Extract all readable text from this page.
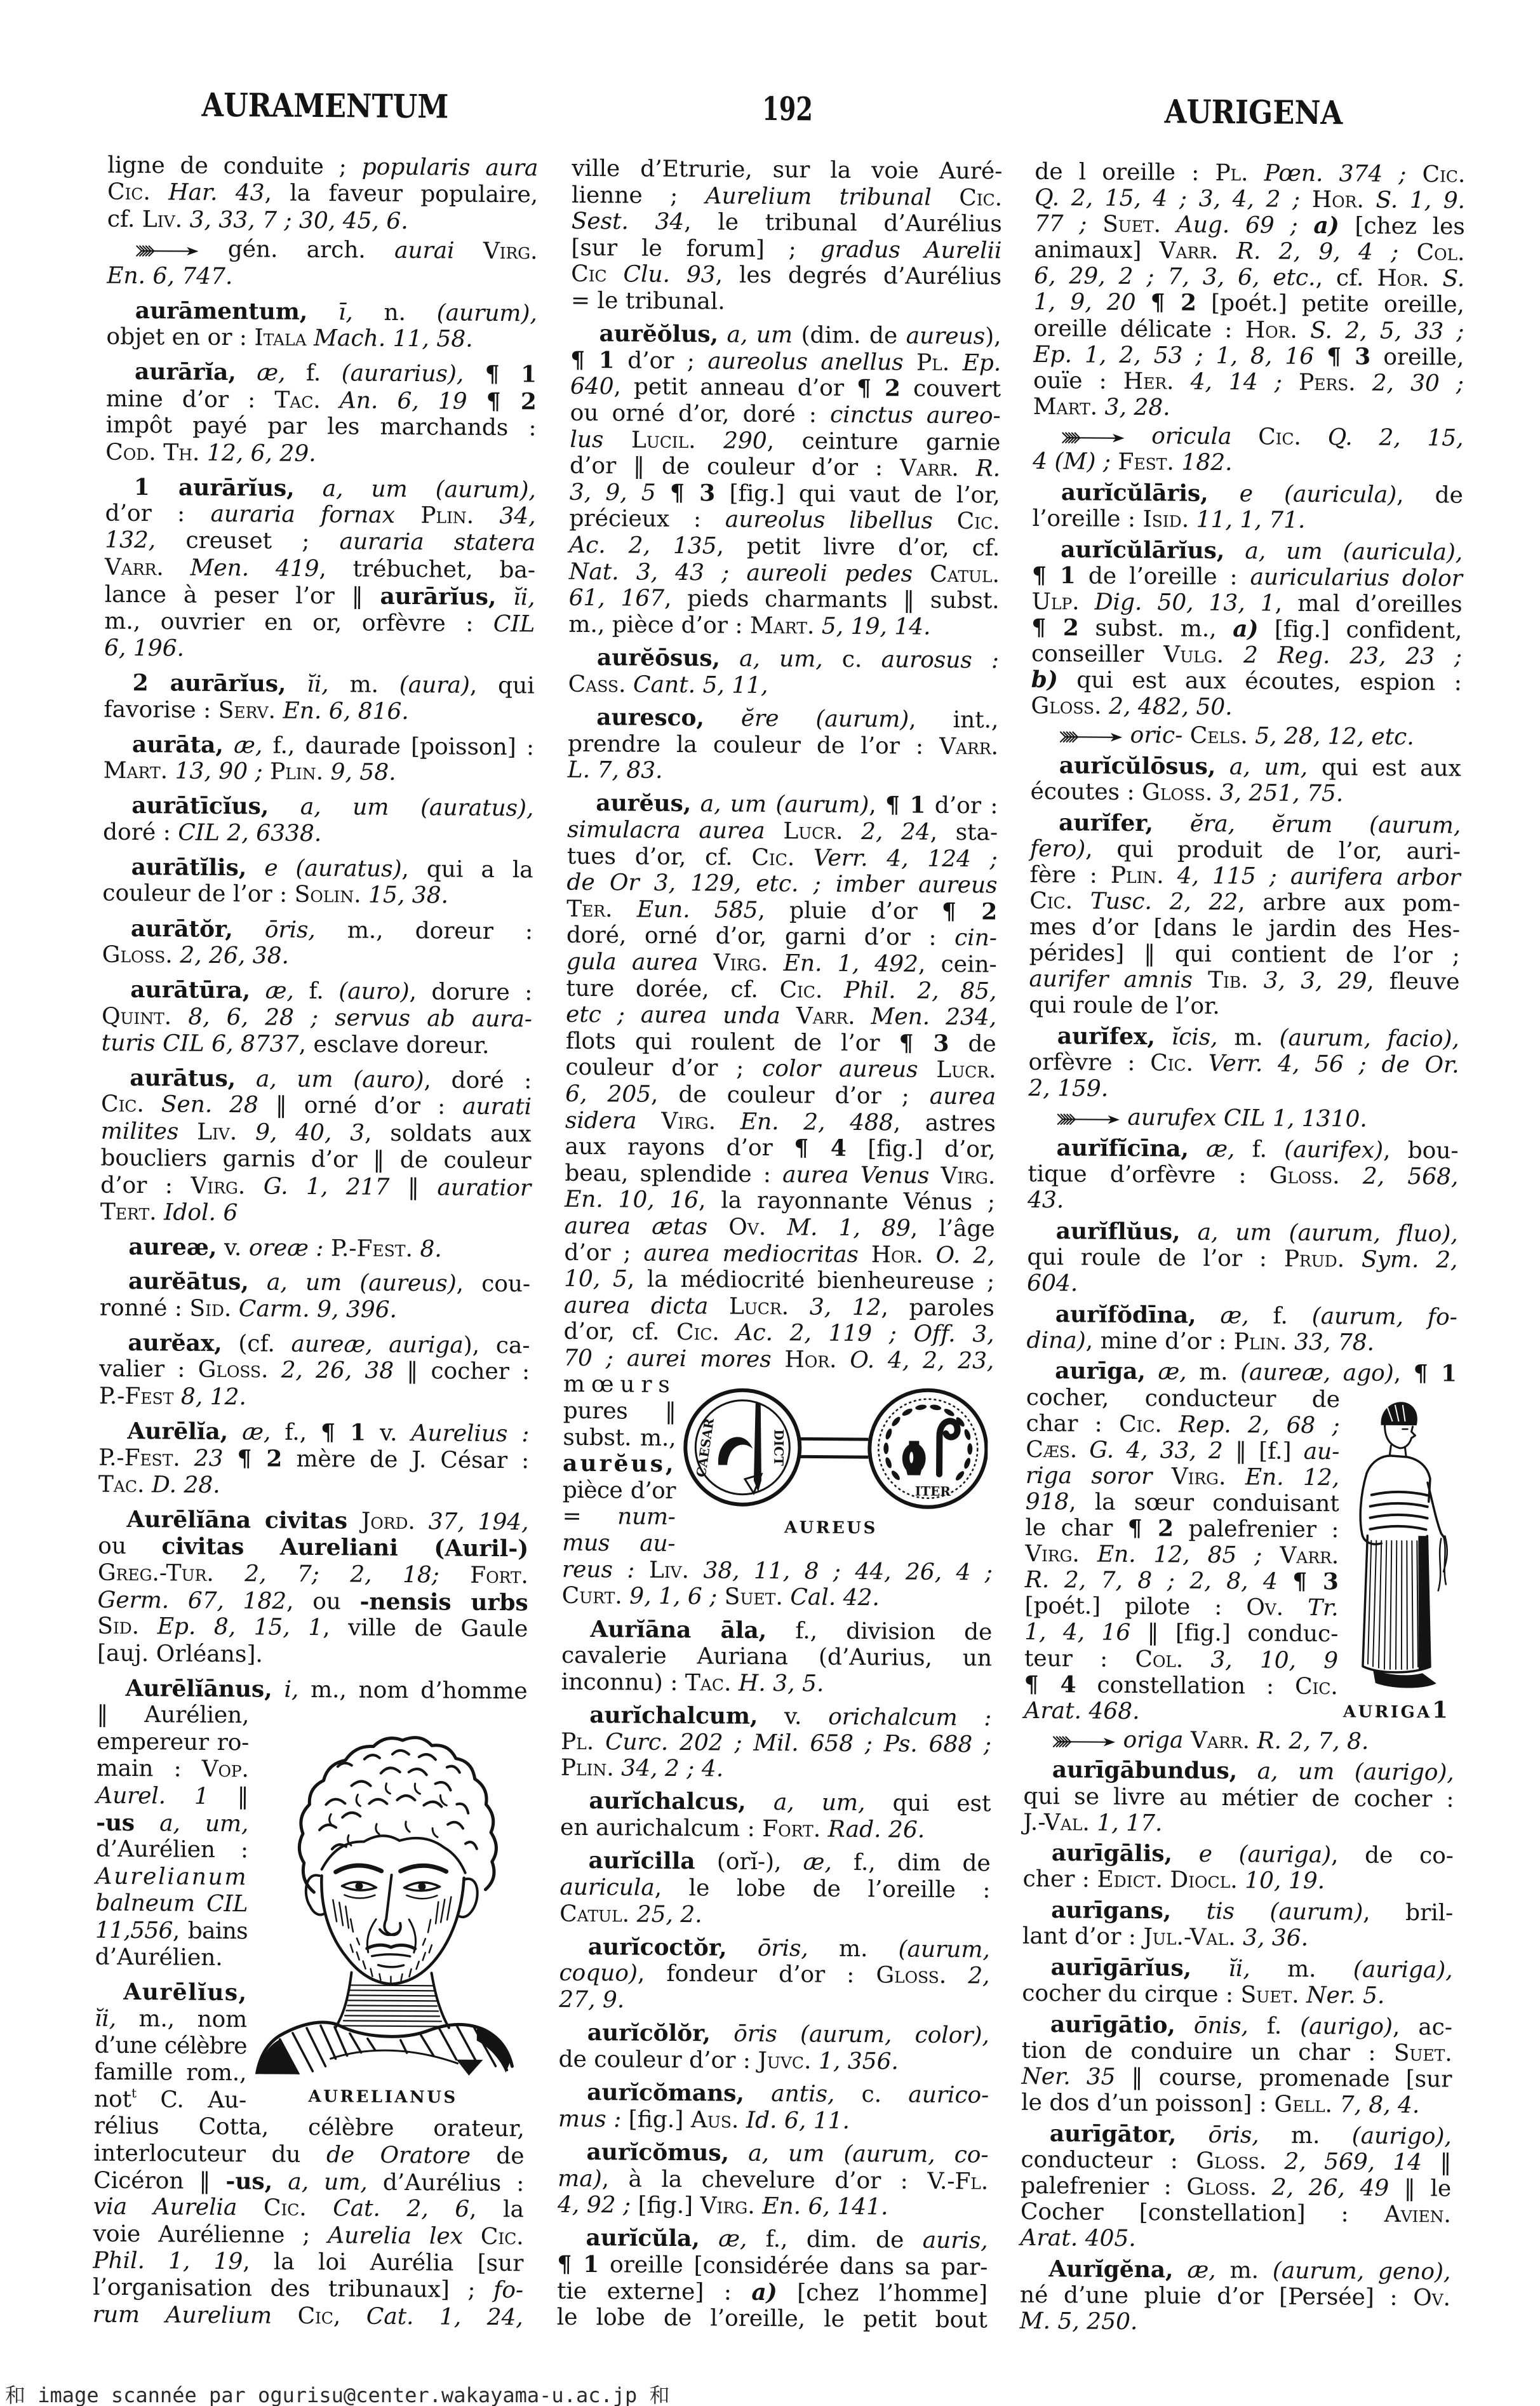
AURAMENTUM	192	AURIGENA
ligne de conduite ; popularis aura
Cic. Har. 43, la faveur populaire,
cf. Liv. 3, 33, 7 ; 30, 45, 6.
gén. arch. aurai Virg.
En. 6, 747.
aurāmentum, ī, n. (aurum),
objet en or : Itala Mach. 11, 58.
aurārĭa, æ, f. (aurarius), ¶ 1
mine d’or : Tac. An. 6, 19 ¶ 2
impôt payé par les marchands :
Cod. Th. 12, 6, 29.
1 aurārĭus, a, um (aurum),
d’or : auraria fornax Plin. 34,
132, creuset ; auraria statera
Varr. Men. 419, trébuchet, ba-
lance à peser l’or ‖ aurārĭus, ĭi,
m., ouvrier en or, orfèvre : CIL
6, 196.
2 aurārĭus, ĭi, m. (aura), qui
favorise : Serv. En. 6, 816.
aurāta, æ, f., daurade [poisson] :
Mart. 13, 90 ; Plin. 9, 58.
aurātīcĭus, a, um (auratus),
doré : CIL 2, 6338.
aurātĭlis, e (auratus), qui a la
couleur de l’or : Solin. 15, 38.
aurātŏr, ōris, m., doreur :
Gloss. 2, 26, 38.
aurātūra, æ, f. (auro), dorure :
Quint. 8, 6, 28 ; servus ab aura-
turis CIL 6, 8737, esclave doreur.
aurātus, a, um (auro), doré :
Cic. Sen. 28 ‖ orné d’or : aurati
milites Liv. 9, 40, 3, soldats aux
boucliers garnis d’or ‖ de couleur
d’or : Virg. G. 1, 217 ‖ auratior
Tert. Idol. 6
aureæ, v. oreæ : P.-Fest. 8.
aurĕātus, a, um (aureus), cou-
ronné : Sid. Carm. 9, 396.
aurĕax, (cf. aureæ, auriga), ca-
valier : Gloss. 2, 26, 38 ‖ cocher :
P.-Fest 8, 12.
Aurēlĭa, æ, f., ¶ 1 v. Aurelius :
P.-Fest. 23 ¶ 2 mère de J. César :
Tac. D. 28.
Aurēlĭāna civitas Jord. 37, 194,
ou civitas Aureliani (Auril-)
Greg.-Tur. 2, 7; 2, 18; Fort.
Germ. 67, 182, ou -nensis urbs
Sid. Ep. 8, 15, 1, ville de Gaule
[auj. Orléans].
Aurēlĭānus, i, m., nom d’homme
‖ Aurélien,
empereur ro-
main : Vop.
Aurel. 1 ‖
-us a, um,
d’Aurélien :
Aurelianum
balneum CIL
11,556, bains
d’Aurélien.
Aurēlĭus,
ĭi, m., nom
d’une célèbre
famille rom.,
not$^t$ C. Au-
rélius Cotta, célèbre orateur,
interlocuteur du de Oratore de
Cicéron ‖ -us, a, um, d’Aurélius :
via Aurelia Cic. Cat. 2, 6, la
voie Aurélienne ; Aurelia lex Cic.
Phil. 1, 19, la loi Aurélia [sur
l’organisation des tribunaux] ; fo-
rum Aurelium Cic, Cat. 1, 24,
AURELIANUS
ville d’Etrurie, sur la voie Auré-
lienne ; Aurelium tribunal Cic.
Sest. 34, le tribunal d’Aurélius
[sur le forum] ; gradus Aurelii
Cic Clu. 93, les degrés d’Aurélius
= le tribunal.
aurĕŏlus, a, um (dim. de aureus),
¶ 1 d’or ; aureolus anellus Pl. Ep.
640, petit anneau d’or ¶ 2 couvert
ou orné d’or, doré : cinctus aureo-
lus Lucil. 290, ceinture garnie
d’or ‖ de couleur d’or : Varr. R.
3, 9, 5 ¶ 3 [fig.] qui vaut de l’or,
précieux : aureolus libellus Cic.
Ac. 2, 135, petit livre d’or, cf.
Nat. 3, 43 ; aureoli pedes Catul.
61, 167, pieds charmants ‖ subst.
m., pièce d’or : Mart. 5, 19, 14.
aurĕōsus, a, um, c. aurosus :
Cass. Cant. 5, 11,
auresco, ĕre (aurum), int.,
prendre la couleur de l’or : Varr.
L. 7, 83.
aurĕus, a, um (aurum), ¶ 1 d’or :
simulacra aurea Lucr. 2, 24, sta-
tues d’or, cf. Cic. Verr. 4, 124 ;
de Or 3, 129, etc. ; imber aureus
Ter. Eun. 585, pluie d’or ¶ 2
doré, orné d’or, garni d’or : cin-
gula aurea Virg. En. 1, 492, cein-
ture dorée, cf. Cic. Phil. 2, 85,
etc ; aurea unda Varr. Men. 234,
flots qui roulent de l’or ¶ 3 de
couleur d’or ; color aureus Lucr.
6, 205, de couleur d’or ; aurea
sidera Virg. En. 2, 488, astres
aux rayons d’or ¶ 4 [fig.] d’or,
beau, splendide : aurea Venus Virg.
En. 10, 16, la rayonnante Vénus ;
aurea ætas Ov. M. 1, 89, l’âge
d’or ; aurea mediocritas Hor. O. 2,
10, 5, la médiocrité bienheureuse ;
aurea dicta Lucr. 3, 12, paroles
d’or, cf. Cic. Ac. 2, 119 ; Off. 3,
70 ; aurei mores Hor. O. 4, 2, 23,
mœurs
pures ‖
subst. m.,
aurĕus,
pièce d’or
= num-
mus au-
reus : Liv. 38, 11, 8 ; 44, 26, 4 ;
Curt. 9, 1, 6 ; Suet. Cal. 42.
Aurĭāna āla, f., division de
cavalerie Auriana (d’Aurius, un
inconnu) : Tac. H. 3, 5.
aurĭchalcum, v. orichalcum :
Pl. Curc. 202 ; Mil. 658 ; Ps. 688 ;
Plin. 34, 2 ; 4.
aurĭchalcus, a, um, qui est
en aurichalcum : Fort. Rad. 26.
aurĭcilla (orĭ-), æ, f., dim de
auricula, le lobe de l’oreille :
Catul. 25, 2.
aurĭcoctŏr, ōris, m. (aurum,
coquo), fondeur d’or : Gloss. 2,
27, 9.
aurĭcŏlŏr, ōris (aurum, color),
de couleur d’or : Juvc. 1, 356.
aurĭcŏmans, antis, c. aurico-
mus : [fig.] Aus. Id. 6, 11.
aurĭcŏmus, a, um (aurum, co-
ma), à la chevelure d’or : V.-Fl.
4, 92 ; [fig.] Virg. En. 6, 141.
aurĭcŭla, æ, f., dim. de auris,
¶ 1 oreille [considérée dans sa par-
tie externe] : a) [chez l’homme]
le lobe de l’oreille, le petit bout
CAESAR	DICT
ITER
AUREUS
de l oreille : Pl. Pœn. 374 ; Cic.
Q. 2, 15, 4 ; 3, 4, 2 ; Hor. S. 1, 9.
77 ; Suet. Aug. 69 ; a) [chez les
animaux] Varr. R. 2, 9, 4 ; Col.
6, 29, 2 ; 7, 3, 6, etc., cf. Hor. S.
1, 9, 20 ¶ 2 [poét.] petite oreille,
oreille délicate : Hor. S. 2, 5, 33 ;
Ep. 1, 2, 53 ; 1, 8, 16 ¶ 3 oreille,
ouïe : Her. 4, 14 ; Pers. 2, 30 ;
Mart. 3, 28.
oricula Cic. Q. 2, 15,
4 (M) ; Fest. 182.
aurĭcŭlāris, e (auricula), de
l’oreille : Isid. 11, 1, 71.
aurĭcŭlārĭus, a, um (auricula),
¶ 1 de l’oreille : auricularius dolor
Ulp. Dig. 50, 13, 1, mal d’oreilles
¶ 2 subst. m., a) [fig.] confident,
conseiller Vulg. 2 Reg. 23, 23 ;
b) qui est aux écoutes, espion :
Gloss. 2, 482, 50.
oric- Cels. 5, 28, 12, etc.
aurĭcŭlōsus, a, um, qui est aux
écoutes : Gloss. 3, 251, 75.
aurĭfer, ĕra, ĕrum (aurum,
fero), qui produit de l’or, auri-
fère : Plin. 4, 115 ; aurifera arbor
Cic. Tusc. 2, 22, arbre aux pom-
mes d’or [dans le jardin des Hes-
pérides] ‖ qui contient de l’or ;
aurifer amnis Tib. 3, 3, 29, fleuve
qui roule de l’or.
aurĭfex, ĭcis, m. (aurum, facio),
orfèvre : Cic. Verr. 4, 56 ; de Or.
2, 159.
aurufex CIL 1, 1310.
aurĭfĭcīna, æ, f. (aurifex), bou-
tique d’orfèvre : Gloss. 2, 568,
43.
aurĭflŭus, a, um (aurum, fluo),
qui roule de l’or : Prud. Sym. 2,
604.
aurĭfŏdīna, æ, f. (aurum, fo-
dina), mine d’or : Plin. 33, 78.
aurīga, æ, m. (aureæ, ago), ¶ 1
cocher, conducteur de
char : Cic. Rep. 2, 68 ;
Cæs. G. 4, 33, 2 ‖ [f.] au-
riga soror Virg. En. 12,
918, la sœur conduisant
le char ¶ 2 palefrenier :
Virg. En. 12, 85 ; Varr.
R. 2, 7, 8 ; 2, 8, 4 ¶ 3
[poét.] pilote : Ov. Tr.
1, 4, 16 ‖ [fig.] conduc-
teur : Col. 3, 10, 9
¶ 4 constellation : Cic.
Arat. 468.
origa Varr. R. 2, 7, 8.
aurīgābundus, a, um (aurigo),
qui se livre au métier de cocher :
J.-Val. 1, 17.
aurīgālis, e (auriga), de co-
cher : Edict. Diocl. 10, 19.
aurīgans, tis (aurum), bril-
lant d’or : Jul.-Val. 3, 36.
aurīgārĭus, ĭi, m. (auriga),
cocher du cirque : Suet. Ner. 5.
aurīgātio, ōnis, f. (aurigo), ac-
tion de conduire un char : Suet.
Ner. 35 ‖ course, promenade [sur
le dos d’un poisson] : Gell. 7, 8, 4.
aurīgātor, ōris, m. (aurigo),
conducteur : Gloss. 2, 569, 14 ‖
palefrenier : Gloss. 2, 26, 49 ‖ le
Cocher [constellation] : Avien.
Arat. 405.
Aurĭgĕna, æ, m. (aurum, geno),
né d’une pluie d’or [Persée] : Ov.
M. 5, 250.
AURIGA1
和 image scannée par ogurisu@center.wakayama-u.ac.jp 和
